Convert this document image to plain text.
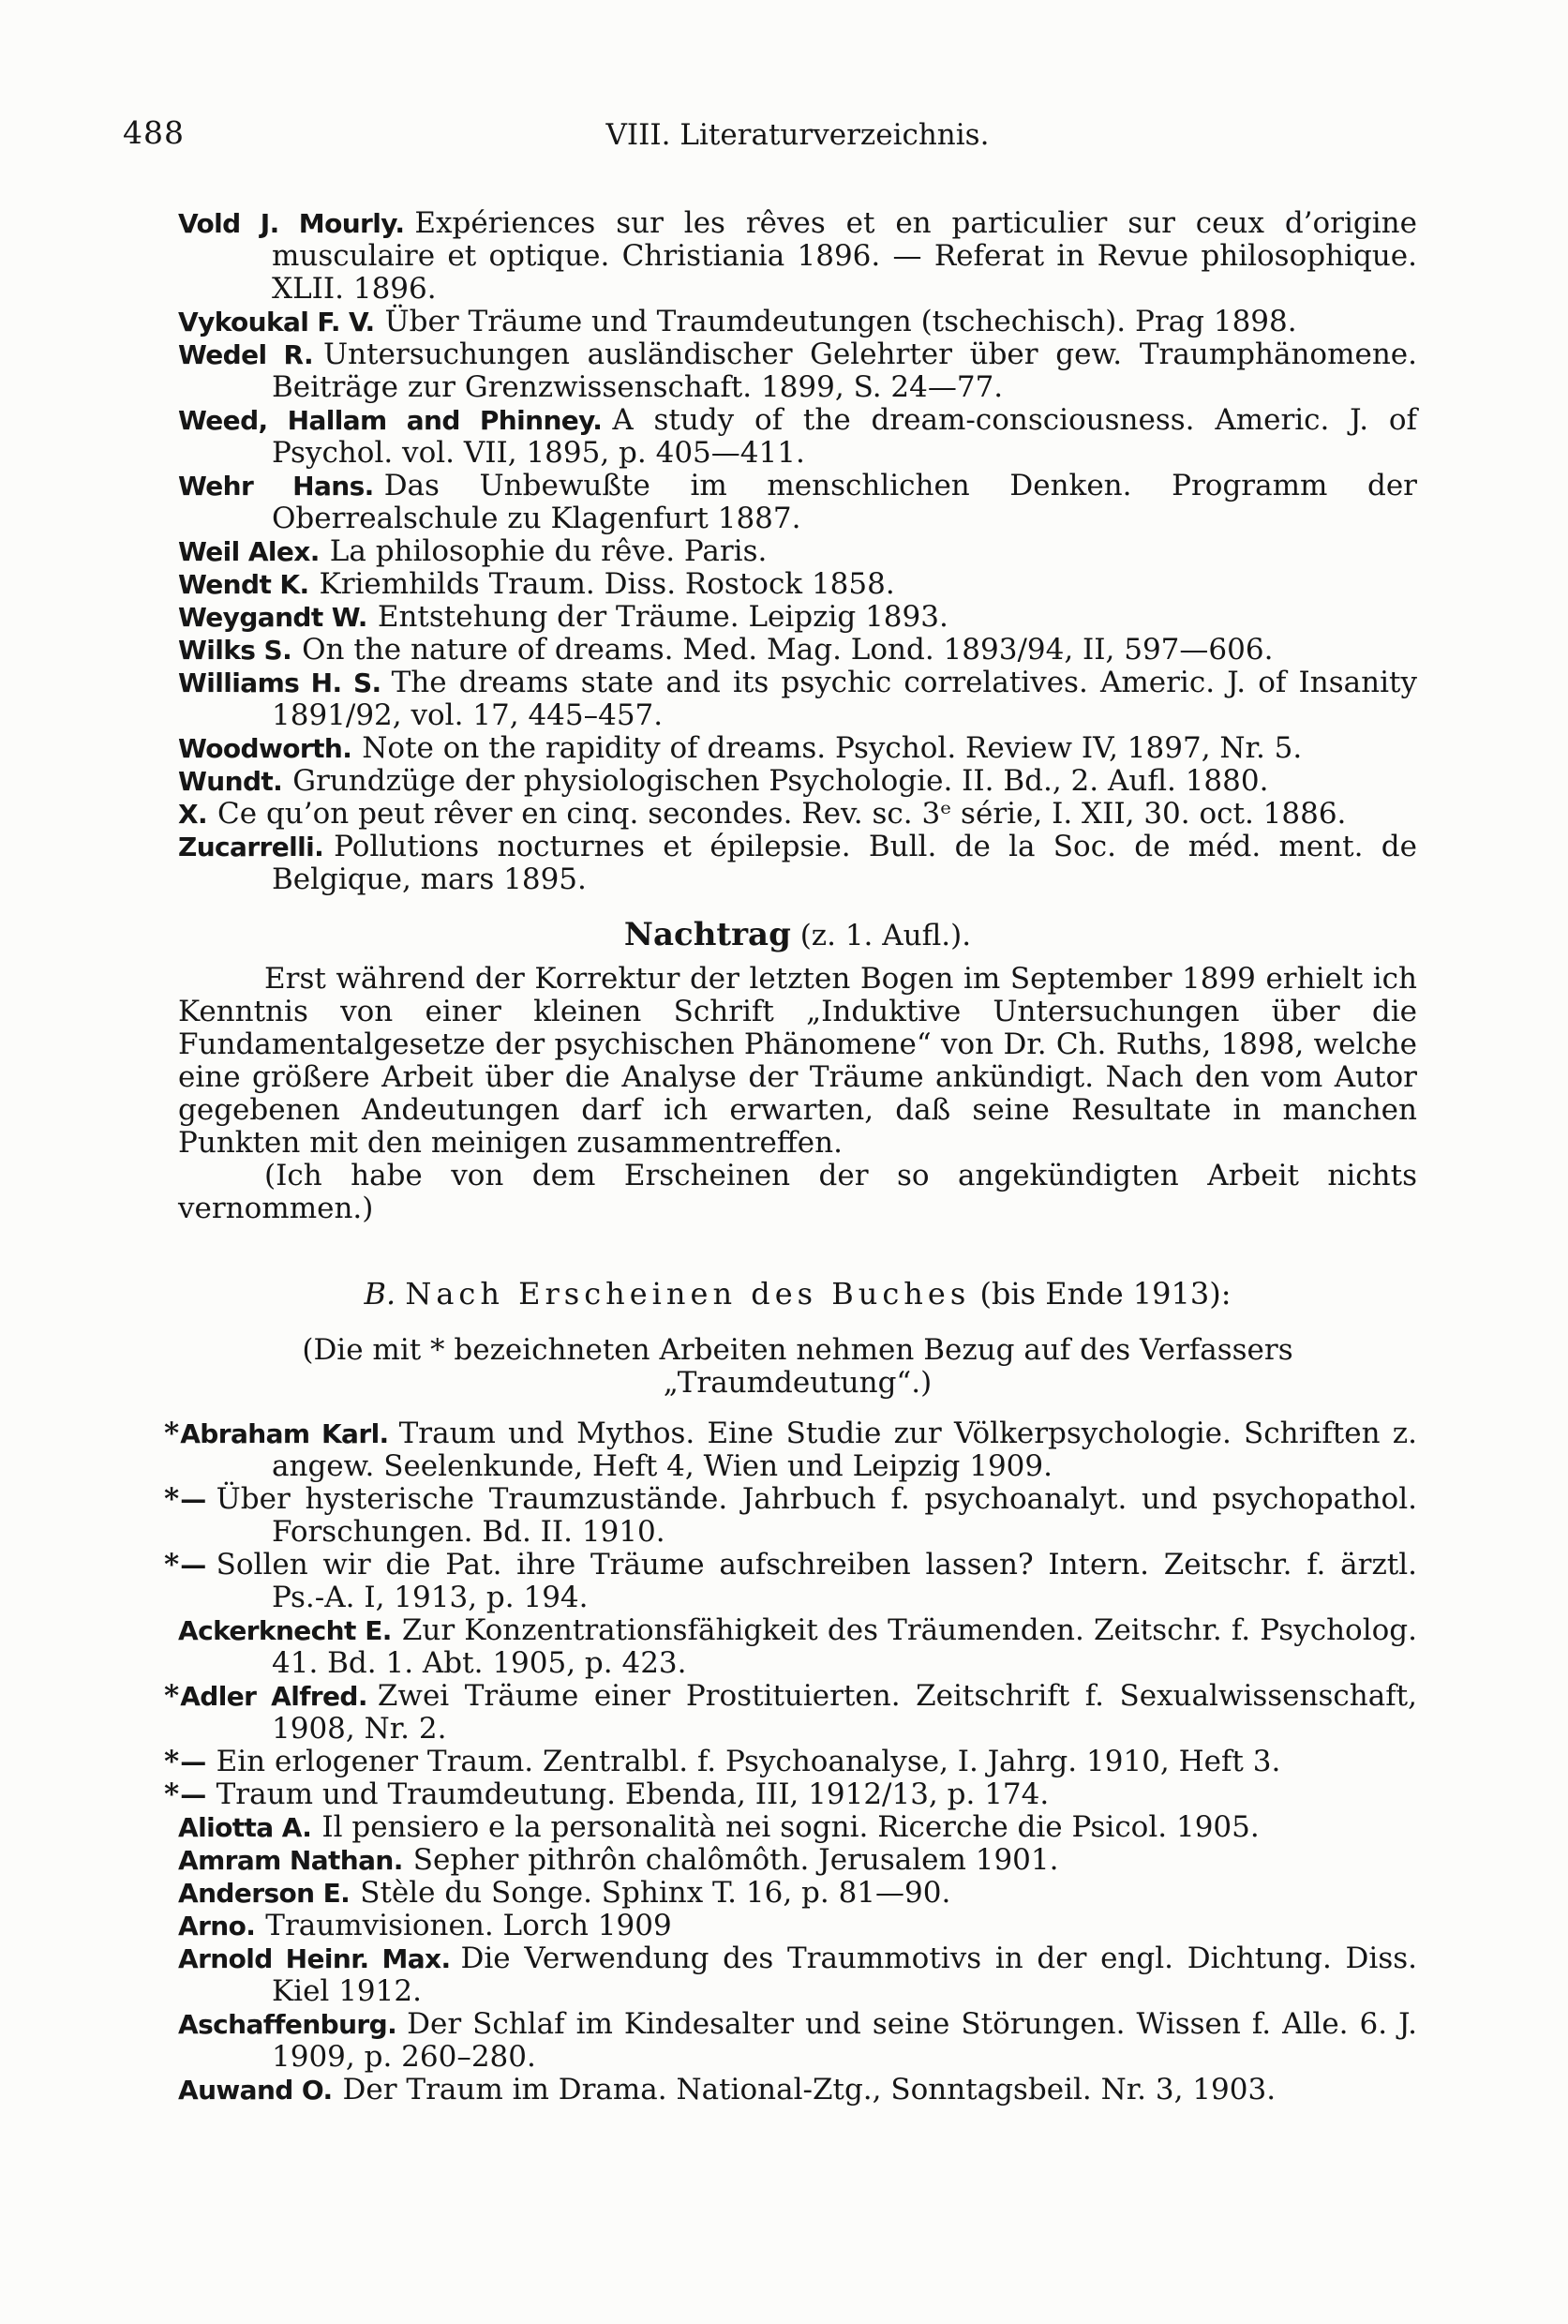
488	VIII. Literaturverzeichnis.

Vold J. Mourly. Expériences sur les rêves et en particulier sur ceux d’origine musculaire et optique. Christiania 1896. — Referat in Revue philosophique. XLII. 1896.

Vykoukal F. V. Über Träume und Traumdeutungen (tschechisch). Prag 1898.

Wedel R. Untersuchungen ausländischer Gelehrter über gew. Traumphänomene. Beiträge zur Grenzwissenschaft. 1899, S. 24—77.

Weed, Hallam and Phinney. A study of the dream-consciousness. Americ. J. of Psychol. vol. VII, 1895, p. 405—411.

Wehr Hans. Das Unbewußte im menschlichen Denken. Programm der Oberrealschule zu Klagenfurt 1887.

Weil Alex. La philosophie du rêve. Paris.

Wendt K. Kriemhilds Traum. Diss. Rostock 1858.

Weygandt W. Entstehung der Träume. Leipzig 1893.

Wilks S. On the nature of dreams. Med. Mag. Lond. 1893/94, II, 597—606.

Williams H. S. The dreams state and its psychic correlatives. Americ. J. of Insanity 1891/92, vol. 17, 445–457.

Woodworth. Note on the rapidity of dreams. Psychol. Review IV, 1897, Nr. 5.

Wundt. Grundzüge der physiologischen Psychologie. II. Bd., 2. Aufl. 1880.

X. Ce qu’on peut rêver en cinq. secondes. Rev. sc. 3ᵉ série, I. XII, 30. oct. 1886.

Zucarrelli. Pollutions nocturnes et épilepsie. Bull. de la Soc. de méd. ment. de Belgique, mars 1895.

Nachtrag (z. 1. Aufl.).

Erst während der Korrektur der letzten Bogen im September 1899 erhielt ich Kenntnis von einer kleinen Schrift „Induktive Untersuchungen über die Fundamentalgesetze der psychischen Phänomene“ von Dr. Ch. Ruths, 1898, welche eine größere Arbeit über die Analyse der Träume ankündigt. Nach den vom Autor gegebenen Andeutungen darf ich erwarten, daß seine Resultate in manchen Punkten mit den meinigen zusammentreffen.

(Ich habe von dem Erscheinen der so angekündigten Arbeit nichts vernommen.)

B. Nach Erscheinen des Buches (bis Ende 1913):

(Die mit * bezeichneten Arbeiten nehmen Bezug auf des Verfassers „Traumdeutung“.)

*Abraham Karl. Traum und Mythos. Eine Studie zur Völkerpsychologie. Schriften z. angew. Seelenkunde, Heft 4, Wien und Leipzig 1909.

*— Über hysterische Traumzustände. Jahrbuch f. psychoanalyt. und psychopathol. Forschungen. Bd. II. 1910.

*— Sollen wir die Pat. ihre Träume aufschreiben lassen? Intern. Zeitschr. f. ärztl. Ps.-A. I, 1913, p. 194.

Ackerknecht E. Zur Konzentrationsfähigkeit des Träumenden. Zeitschr. f. Psycholog. 41. Bd. 1. Abt. 1905, p. 423.

*Adler Alfred. Zwei Träume einer Prostituierten. Zeitschrift f. Sexualwissenschaft, 1908, Nr. 2.

*— Ein erlogener Traum. Zentralbl. f. Psychoanalyse, I. Jahrg. 1910, Heft 3.

*— Traum und Traumdeutung. Ebenda, III, 1912/13, p. 174.

Aliotta A. Il pensiero e la personalità nei sogni. Ricerche die Psicol. 1905.

Amram Nathan. Sepher pithrôn chalômôth. Jerusalem 1901.

Anderson E. Stèle du Songe. Sphinx T. 16, p. 81—90.

Arno. Traumvisionen. Lorch 1909

Arnold Heinr. Max. Die Verwendung des Traummotivs in der engl. Dichtung. Diss. Kiel 1912.

Aschaffenburg. Der Schlaf im Kindesalter und seine Störungen. Wissen f. Alle. 6. J. 1909, p. 260–280.

Auwand O. Der Traum im Drama. National-Ztg., Sonntagsbeil. Nr. 3, 1903.
